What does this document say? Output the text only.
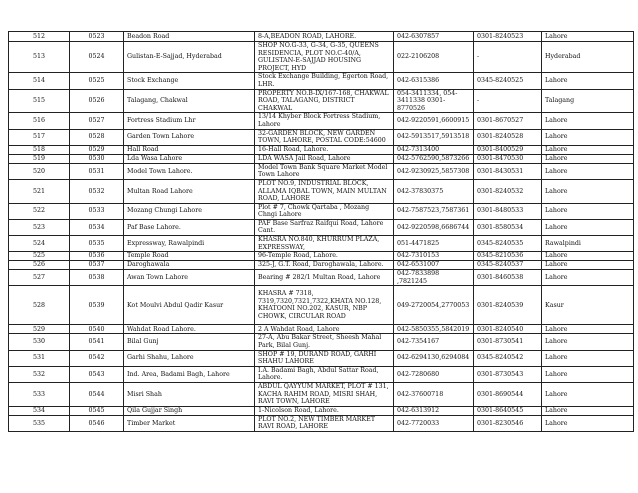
512	0523	Beadon Road	8-A,BEADON ROAD, LAHORE.	042-6307857	0301-8240523	Lahore
513	0524	Gulistan-E-Sajjad, Hyderabad	SHOP NO.G-33, G-34, G-35, QUEENS RESIDENCIA, PLOT NO.C-40/A, GULISTAN-E-SAJJAD HOUSING PROJECT, HYD	022-2106208	-	Hyderabad
514	0525	Stock Exchange	Stock Exchange Building, Egerton Road, LHR.	042-6315386	0345-8240525	Lahore
515	0526	Talagang, Chakwal	PROPERTY NO.B-IX/167-168, CHAKWAL ROAD, TALAGANG, DISTRICT CHAKWAL	054-3411334, 054-3411338 0301-8770526	-	Talagang
516	0527	Fortress Stadium Lhr	13/14 Khyber Block Fortress Stadium, Lahore	042-9220591,6600915	0301-8670527	Lahore
517	0528	Garden Town Lahore	32-GARDEN BLOCK, NEW GARDEN TOWN, LAHORE, POSTAL CODE:54600	042-5913517,5913518	0301-8240528	Lahore
518	0529	Hall Road	16-Hall Road, Lahore.	042-7313400	0301-8400529	Lahore
519	0530	Lda Wasa Lahore	LDA WASA Jail Road, Lahore	042-5762590,5873266	0301-8470530	Lahore
520	0531	Model Town Lahore.	Model Town Bank Square Market Model Town Lahore	042-9230925,5857308	0301-8430531	Lahore
521	0532	Multan Road Lahore	PLOT NO.9, INDUSTRIAL BLOCK, ALLAMA IQBAL TOWN, MAIN MULTAN ROAD, LAHORE	042-37830375	0301-8240532	Lahore
522	0533	Mozang Chungi Lahore	Plot # 7, Chowk Qartaba , Mozang Chngi Lahore	042-7587523,7587361	0301-8480533	Lahore
523	0534	Paf Base Lahore.	PAF Base Sarfraz Raifqui Road, Lahore Cant.	042-9220598,6686744	0301-8580534	Lahore
524	0535	Expressway, Rawalpindi	KHASRA NO.840, KHURRUM PLAZA, EXPRESSWAY,	051-4471825	0345-8240535	Rawalpindi
525	0536	Temple Road	96-Temple Road, Lahore.	042-7310153	0345-8210536	Lahore
526	0537	Daroghawala	325-J, G.T. Road, Daroghawala, Lahore.	042-6531007	0345-8240537	Lahore
527	0538	Awan Town Lahore	Bearing # 282/1 Multan Road, Lahore	042-7833898 ,7821245	0301-8460538	Lahore
528	0539	Kot Moulvi Abdul Qadir Kasur	KHASRA # 7318, 7319,7320,7321,7322,KHATA NO.128, KHATOONI NO.202, KASUR, NBP CHOWK, CIRCULAR ROAD	049-2720054,2770053	0301-8240539	Kasur
529	0540	Wahdat Road Lahore.	2 A Wahdat Road, Lahore	042-5850355,5842019	0301-8240540	Lahore
530	0541	Bilal Gunj	27-A, Abu Bakar Street, Sheesh Mahal Park, Bilal Gunj.	042-7354167	0301-8730541	Lahore
531	0542	Garhi Shahu, Lahore	SHOP # 19, DURAND ROAD, GARHI SHAHU LAHORE	042-6294130,6294084	0345-8240542	Lahore
532	0543	Ind. Area, Badami Bagh, Lahore	I.A. Badami Bagh, Abdul Sattar Road, Lahore.	042-7280680	0301-8730543	Lahore
533	0544	Misri Shah	ABDUL QAYYUM MARKET, PLOT # 131, KACHA RAHIM ROAD, MISRI SHAH, RAVI TOWN, LAHORE	042-37600718	0301-8690544	Lahore
534	0545	Qila Gujjar Singh	1-Nicolson Road, Lahore.	042-6313912	0301-8640545	Lahore
535	0546	Timber Market	PLOT NO.2, NEW TIMBER MARKET RAVI ROAD, LAHORE	042-7720033	0301-8230546	Lahore
